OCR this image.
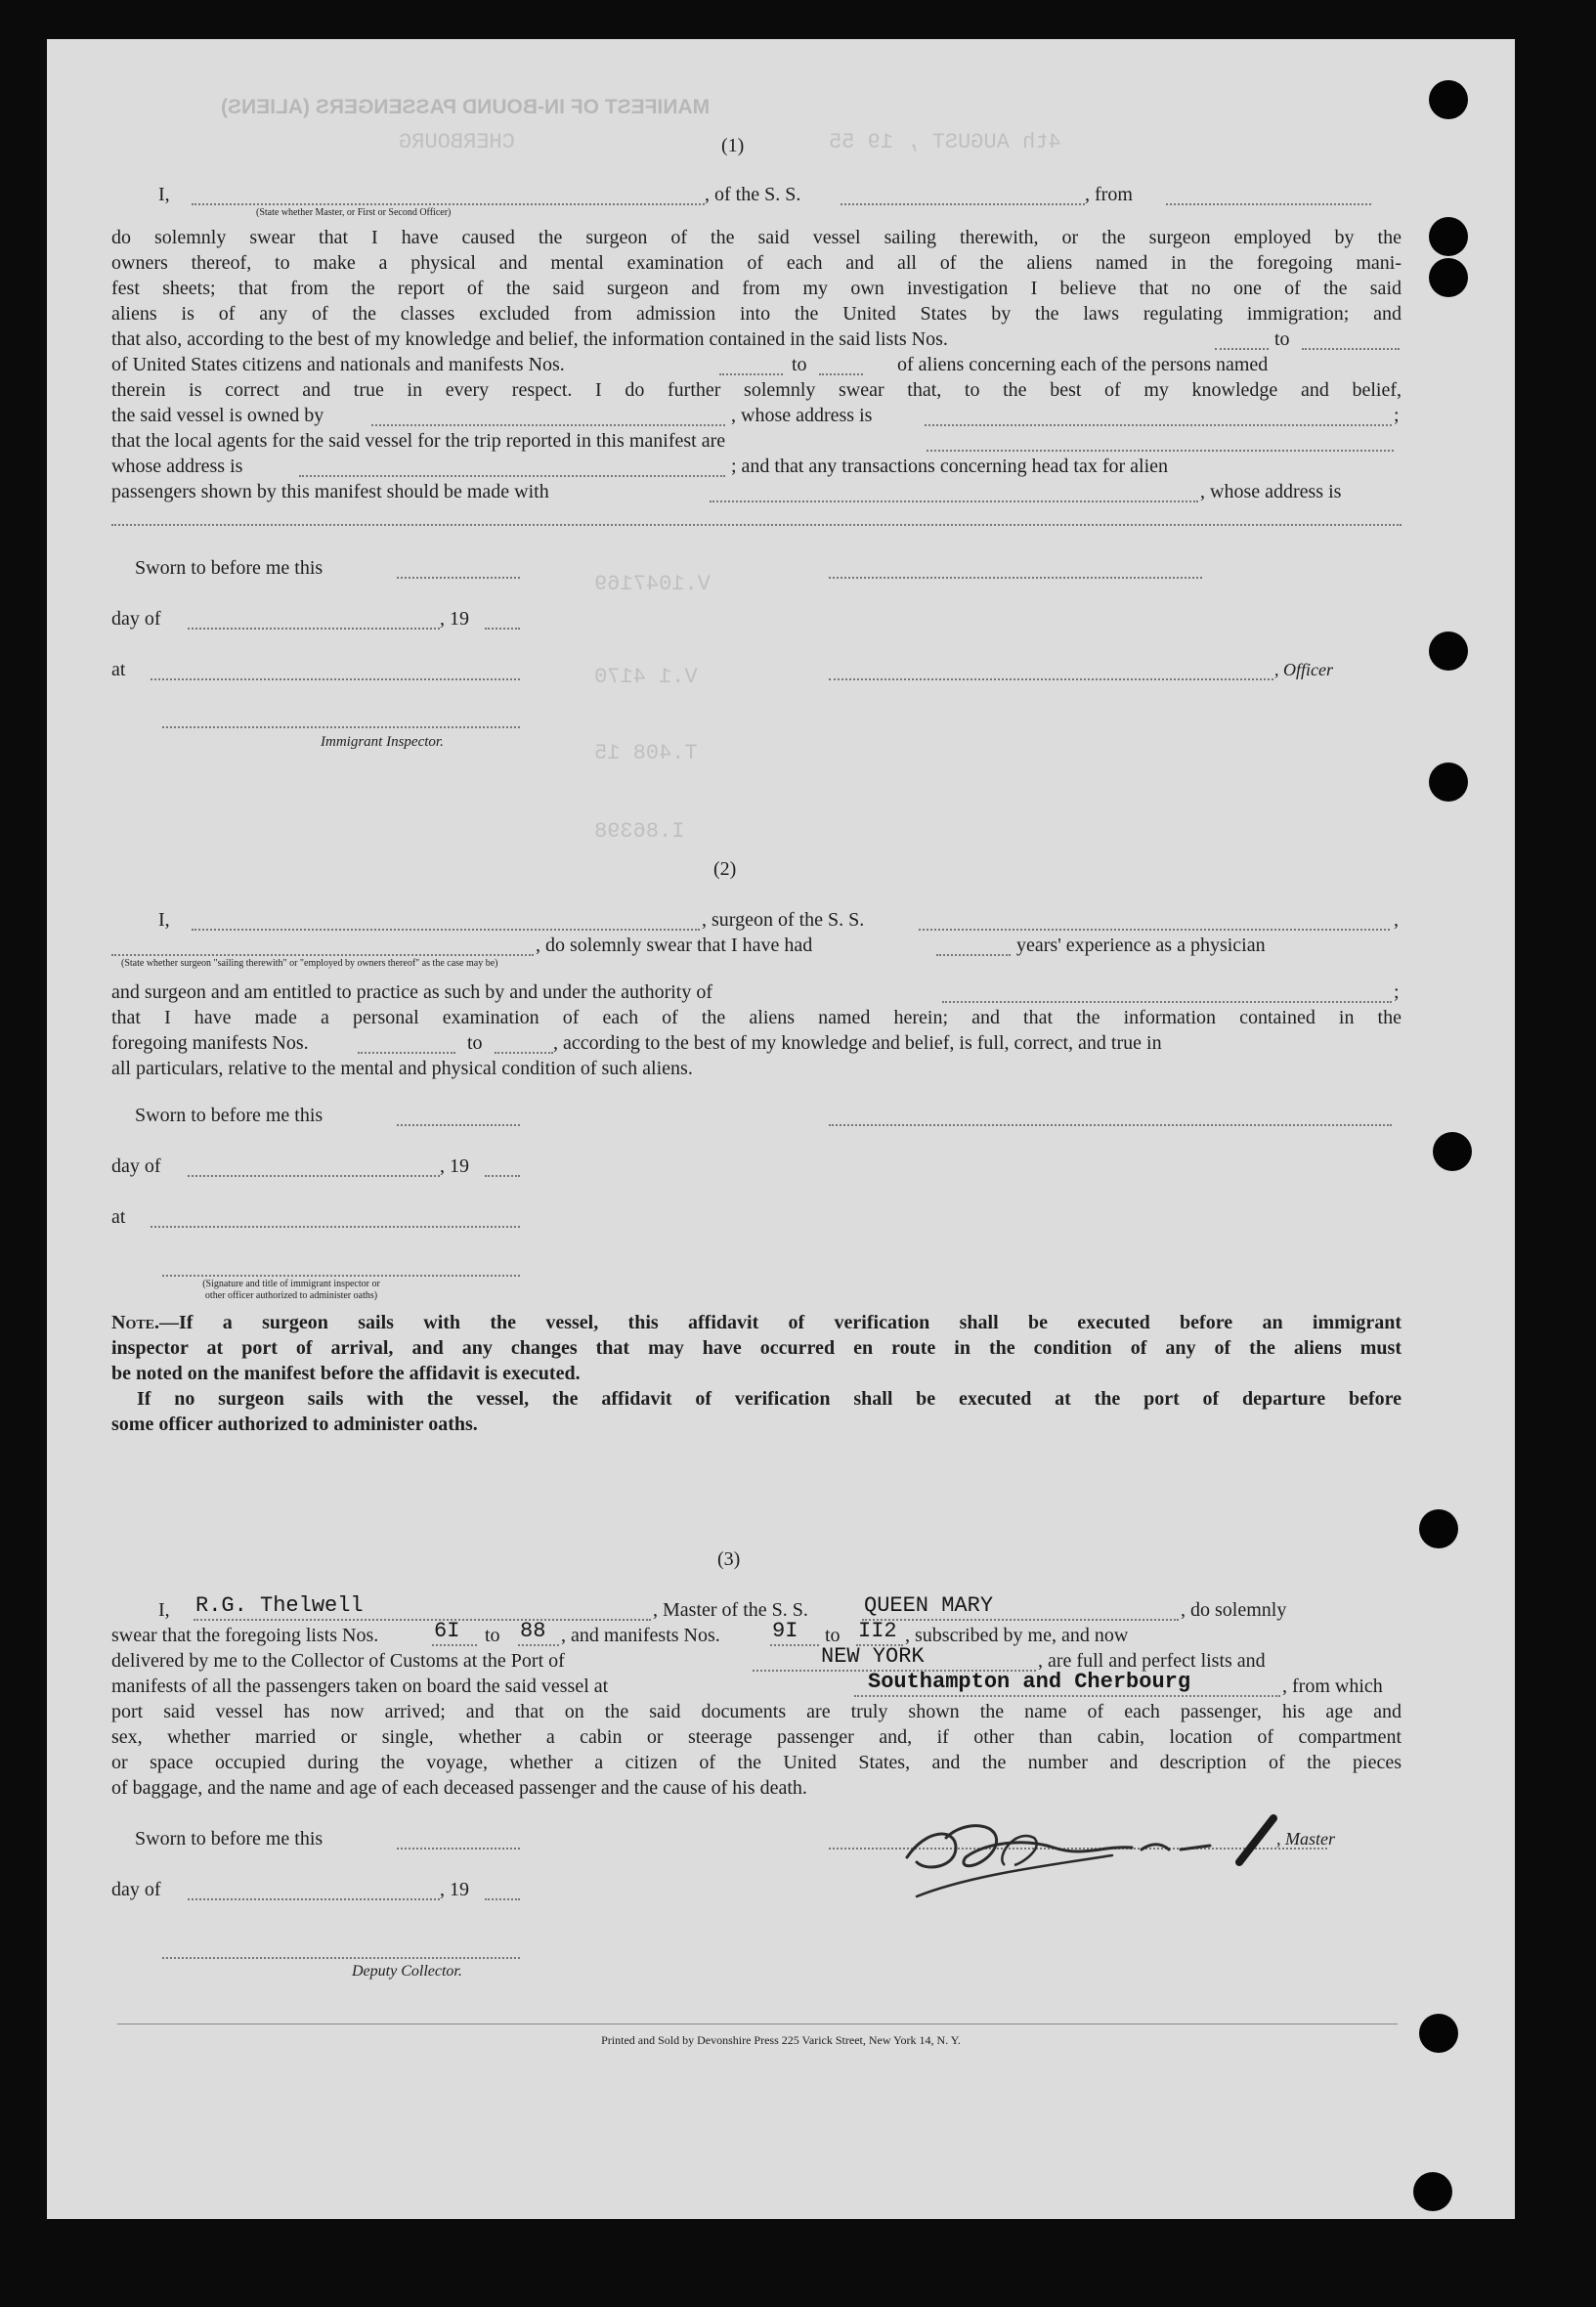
MANIFEST OF IN-BOUND PASSENGERS (ALIENS)
4th AUGUST , 19 55
CHERBOURG
V.1047169
V.1 4170
T.408 15
I.86398
(1)
I,	, of the S. S.	, from
(State whether Master, or First or Second Officer)
do solemnly swear that I have caused the surgeon of the said vessel sailing therewith, or the surgeon employed by the
owners thereof, to make a physical and mental examination of each and all of the aliens named in the foregoing mani-
fest sheets; that from the report of the said surgeon and from my own investigation I believe that no one of the said
aliens is of any of the classes excluded from admission into the United States by the laws regulating immigration; and
that also, according to the best of my knowledge and belief, the information contained in the said lists Nos.	to
of United States citizens and nationals and manifests Nos.	to	of aliens concerning each of the persons named
therein is correct and true in every respect. I do further solemnly swear that, to the best of my knowledge and belief,
the said vessel is owned by	, whose address is	;
that the local agents for the said vessel for the trip reported in this manifest are
whose address is	; and that any transactions concerning head tax for alien
passengers shown by this manifest should be made with	, whose address is
Sworn to before me this
day of	, 19
at	, Officer
Immigrant Inspector.
(2)
I,	, surgeon of the S. S.	,
, do solemnly swear that I have had	years' experience as a physician
(State whether surgeon "sailing therewith" or "employed by owners thereof" as the case may be)
and surgeon and am entitled to practice as such by and under the authority of	;
that I have made a personal examination of each of the aliens named herein; and that the information contained in the
foregoing manifests Nos.	to	, according to the best of my knowledge and belief, is full, correct, and true in
all particulars, relative to the mental and physical condition of such aliens.
Sworn to before me this
day of	, 19
at
(Signature and title of immigrant inspector or other officer authorized to administer oaths)
Note.—If a surgeon sails with the vessel, this affidavit of verification shall be executed before an immigrant
inspector at port of arrival, and any changes that may have occurred en route in the condition of any of the aliens must
be noted on the manifest before the affidavit is executed.
If no surgeon sails with the vessel, the affidavit of verification shall be executed at the port of departure before
some officer authorized to administer oaths.
(3)
I, R.G. Thelwell	, Master of the S. S.	QUEEN MARY	, do solemnly
swear that the foregoing lists Nos.	6I to 88 , and manifests Nos. 9I to II2 , subscribed by me, and now
delivered by me to the Collector of Customs at the Port of	NEW YORK	, are full and perfect lists and
manifests of all the passengers taken on board the said vessel at	Southampton and Cherbourg	, from which
port said vessel has now arrived; and that on the said documents are truly shown the name of each passenger, his age and
sex, whether married or single, whether a cabin or steerage passenger and, if other than cabin, location of compartment
or space occupied during the voyage, whether a citizen of the United States, and the number and description of the pieces
of baggage, and the name and age of each deceased passenger and the cause of his death.
Sworn to before me this	, Master
day of	, 19
Deputy Collector.
Printed and Sold by Devonshire Press 225 Varick Street, New York 14, N. Y.
